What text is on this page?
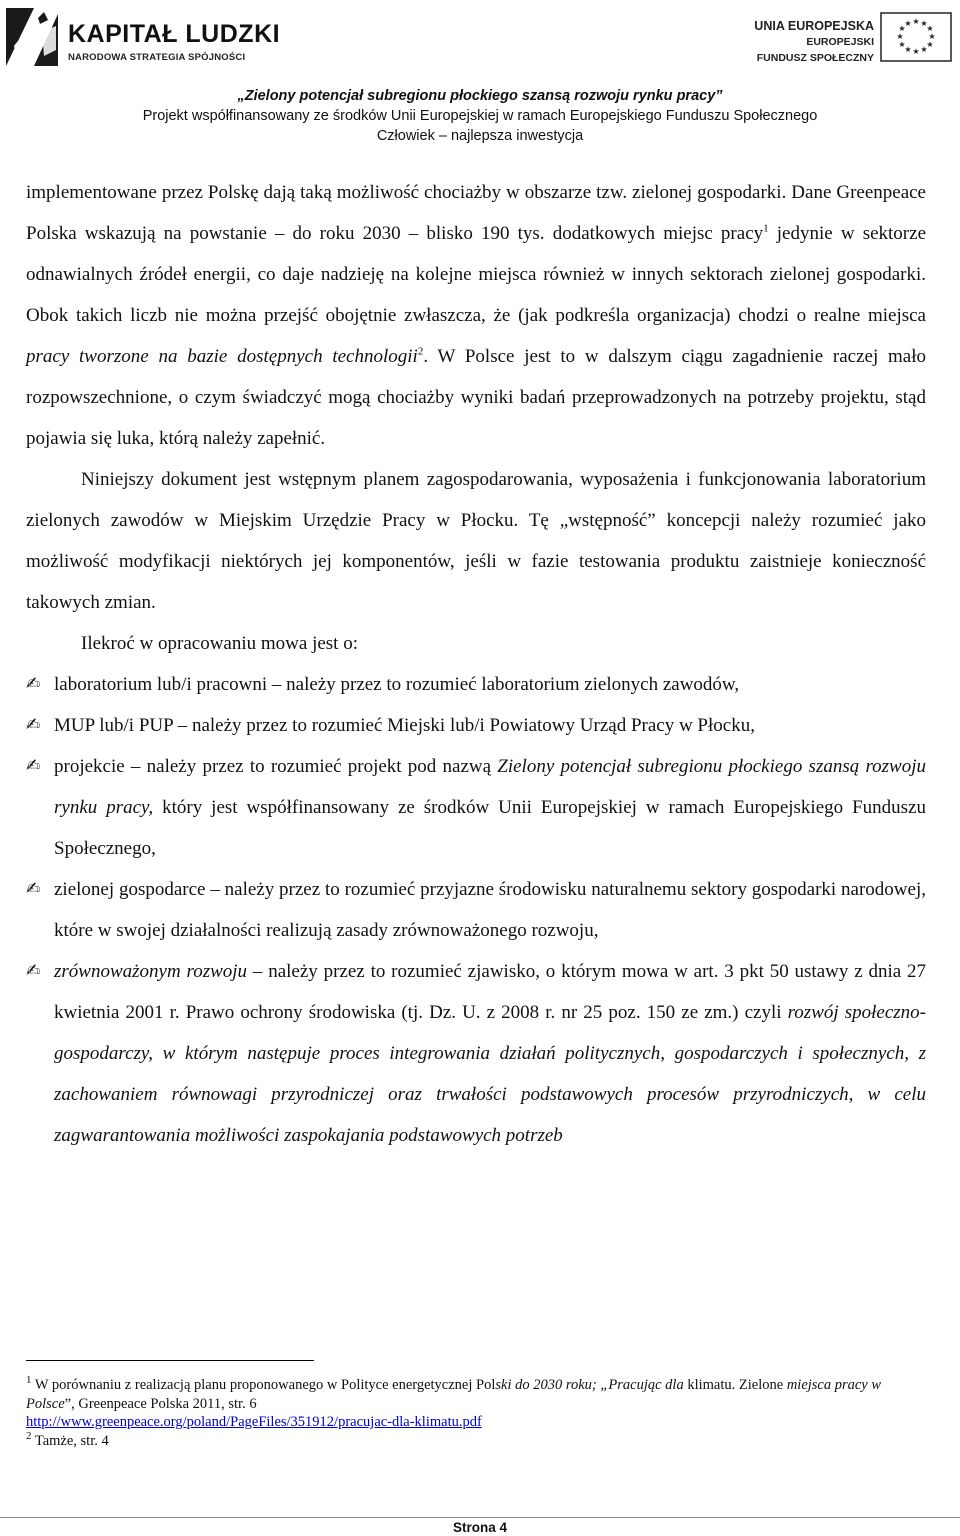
KAPITAŁ LUDZKI
NARODOWA STRATEGIA SPÓJNOŚCI
UNIA EUROPEJSKA
EUROPEJSKI
FUNDUSZ SPOŁECZNY
★ ★
★
★
★
★
★
★
★
★
★
★
„Zielony potencjał subregionu płockiego szansą rozwoju rynku pracy”
Projekt współfinansowany ze środków Unii Europejskiej w ramach Europejskiego Funduszu Społecznego
Człowiek – najlepsza inwestycja

implementowane przez Polskę dają taką możliwość chociażby w obszarze tzw. zielonej gospodarki. Dane Greenpeace Polska wskazują na powstanie – do roku 2030 – blisko 190 tys. dodatkowych miejsc pracy$^1$ jedynie w sektorze odnawialnych źródeł energii, co daje nadzieję na kolejne miejsca również w innych sektorach zielonej gospodarki. Obok takich liczb nie można przejść obojętnie zwłaszcza, że (jak podkreśla organizacja) chodzi o realne miejsca pracy tworzone na bazie dostępnych technologii$^2$. W Polsce jest to w dalszym ciągu zagadnienie raczej mało rozpowszechnione, o czym świadczyć mogą chociażby wyniki badań przeprowadzonych na potrzeby projektu, stąd pojawia się luka, którą należy zapełnić.

Niniejszy dokument jest wstępnym planem zagospodarowania, wyposażenia i funkcjonowania laboratorium zielonych zawodów w Miejskim Urzędzie Pracy w Płocku. Tę „wstępność” koncepcji należy rozumieć jako możliwość modyfikacji niektórych jej komponentów, jeśli w fazie testowania produktu zaistnieje konieczność takowych zmian.

Ilekroć w opracowaniu mowa jest o:

✍ laboratorium lub/i pracowni – należy przez to rozumieć laboratorium zielonych zawodów,
✍ MUP lub/i PUP – należy przez to rozumieć Miejski lub/i Powiatowy Urząd Pracy w Płocku,
✍ projekcie – należy przez to rozumieć projekt pod nazwą Zielony potencjał subregionu płockiego szansą rozwoju rynku pracy, który jest współfinansowany ze środków Unii Europejskiej w ramach Europejskiego Funduszu Społecznego,
✍ zielonej gospodarce – należy przez to rozumieć przyjazne środowisku naturalnemu sektory gospodarki narodowej, które w swojej działalności realizują zasady zrównoważonego rozwoju,
✍ zrównoważonym rozwoju – należy przez to rozumieć zjawisko, o którym mowa w art. 3 pkt 50 ustawy z dnia 27 kwietnia 2001 r. Prawo ochrony środowiska (tj. Dz. U. z 2008 r. nr 25 poz. 150 ze zm.) czyli rozwój społeczno-gospodarczy, w którym następuje proces integrowania działań politycznych, gospodarczych i społecznych, z zachowaniem równowagi przyrodniczej oraz trwałości podstawowych procesów przyrodniczych, w celu zagwarantowania możliwości zaspokajania podstawowych potrzeb
$^1$ W porównaniu z realizacją planu proponowanego w Polityce energetycznej Polski do 2030 roku; „Pracując dla klimatu. Zielone miejsca pracy w Polsce”, Greenpeace Polska 2011, str. 6
http://www.greenpeace.org/poland/PageFiles/351912/pracujac-dla-klimatu.pdf
$^2$ Tamże, str. 4
Strona 4
